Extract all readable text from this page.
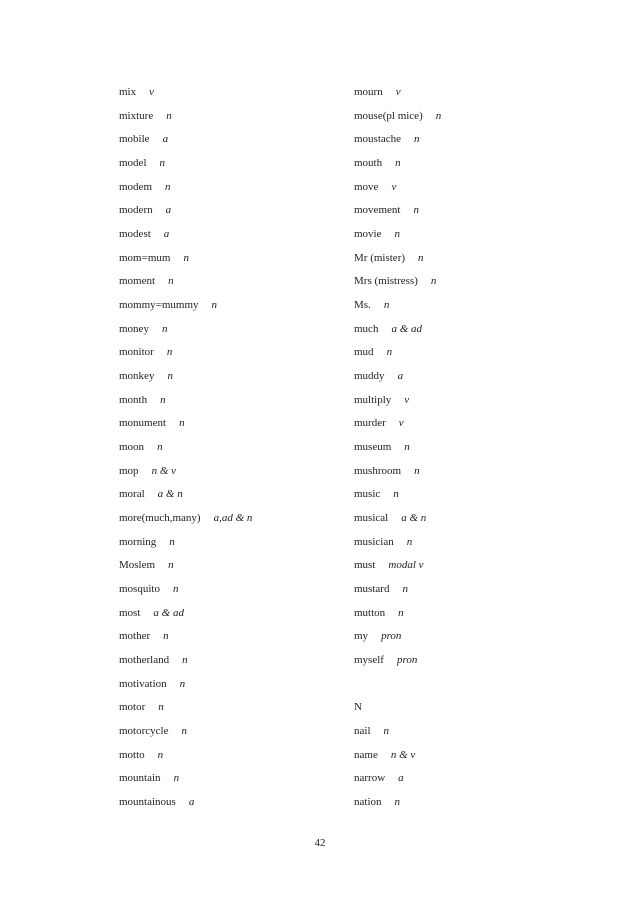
mix v
mixture n
mobile a
model n
modem n
modern a
modest a
mom=mum n
moment n
mommy=mummy n
money n
monitor n
monkey n
month n
monument n
moon n
mop n & v
moral a & n
more(much,many) a,ad & n
morning n
Moslem n
mosquito n
most a & ad
mother n
motherland n
motivation n
motor n
motorcycle n
motto n
mountain n
mountainous a
mourn v
mouse(pl mice) n
moustache n
mouth n
move v
movement n
movie n
Mr (mister) n
Mrs (mistress) n
Ms. n
much a & ad
mud n
muddy a
multiply v
murder v
museum n
mushroom n
music n
musical a & n
musician n
must modal v
mustard n
mutton n
my pron
myself pron
N
nail n
name n & v
narrow a
nation n
42
